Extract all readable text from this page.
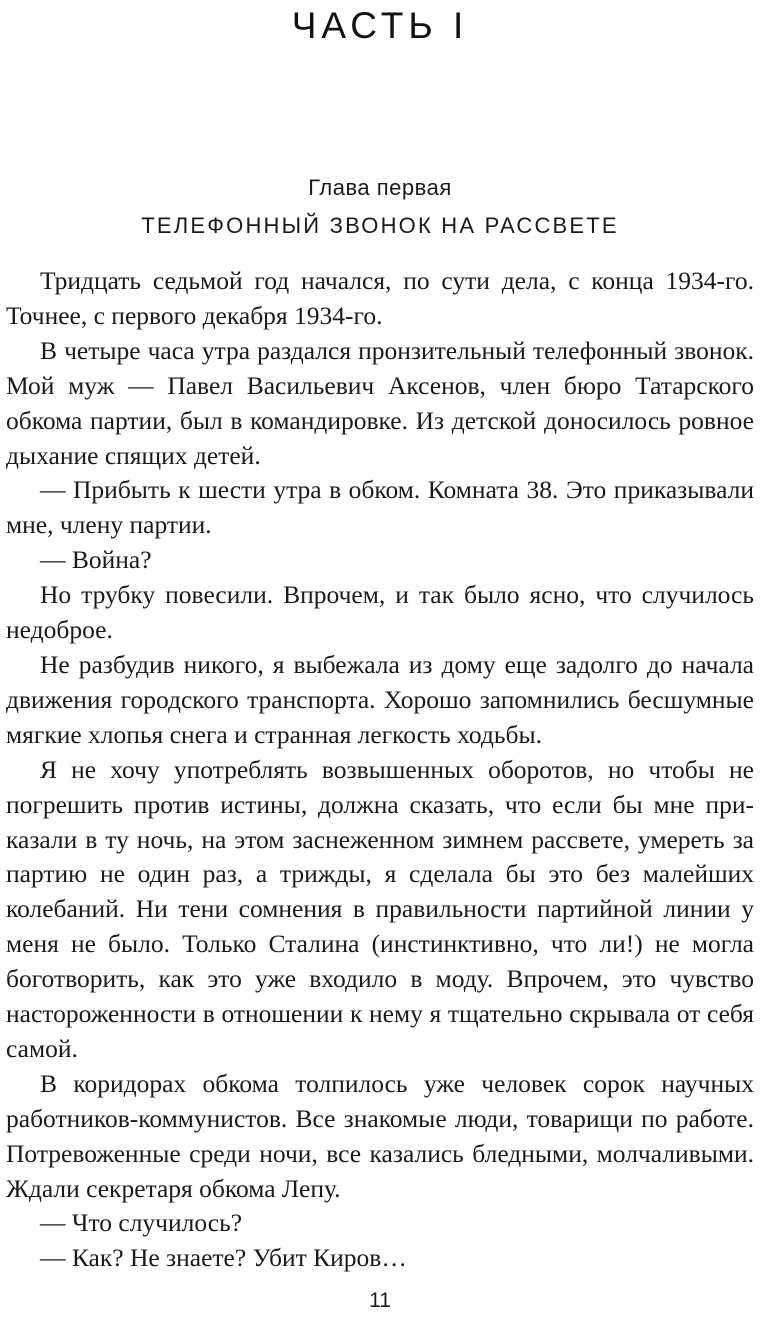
ЧАСТЬ I
Глава первая
ТЕЛЕФОННЫЙ ЗВОНОК НА РАССВЕТЕ

Тридцать седьмой год начался, по сути дела, с конца 1934-го. Точнее, с первого декабря 1934-го.

В четыре часа утра раздался пронзительный телефонный звонок. Мой муж — Павел Васильевич Аксенов, член бюро Татарского обкома партии, был в командировке. Из детской доносилось ровное дыхание спящих детей.

— Прибыть к шести утра в обком. Комната 38. Это приказывали мне, члену партии.

— Война?

Но трубку повесили. Впрочем, и так было ясно, что случилось недоброе.

Не разбудив никого, я выбежала из дому еще задолго до начала движения городского транспорта. Хорошо запомнились бесшумные мягкие хлопья снега и странная легкость ходьбы.

Я не хочу употреблять возвышенных оборотов, но чтобы не погрешить против истины, должна сказать, что если бы мне приказали в ту ночь, на этом заснеженном зимнем рассвете, умереть за партию не один раз, а трижды, я сделала бы это без малейших колебаний. Ни тени сомнения в правильности партийной линии у меня не было. Только Сталина (инстинктивно, что ли!) не могла боготворить, как это уже входило в моду. Впрочем, это чувство настороженности в отношении к нему я тщательно скрывала от себя самой.

В коридорах обкома толпилось уже человек сорок научных работников-коммунистов. Все знакомые люди, товарищи по работе. Потревоженные среди ночи, все казались бледными, молчаливыми. Ждали секретаря обкома Лепу.

— Что случилось?

— Как? Не знаете? Убит Киров…

11
